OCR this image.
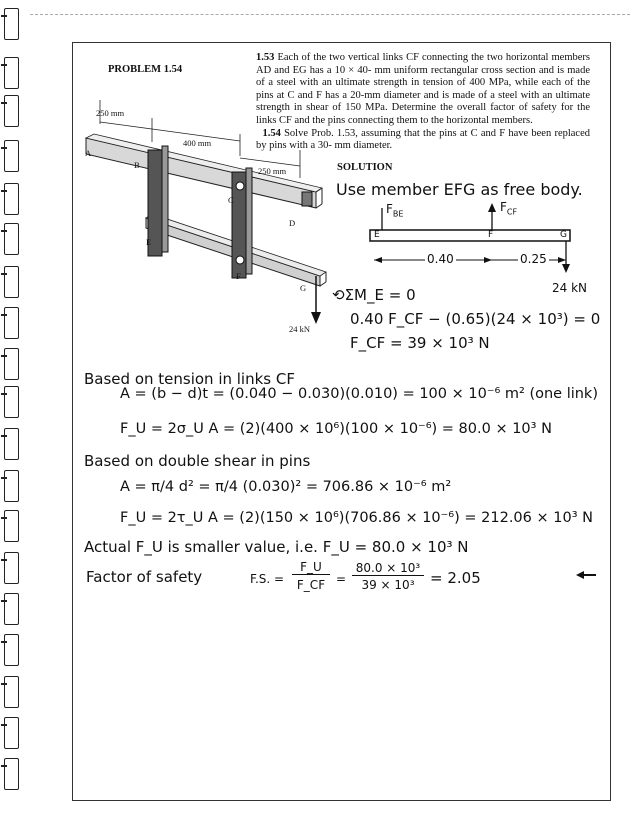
PROBLEM 1.54
1.53 Each of the two vertical links CF connecting the two horizontal members AD and EG has a 10 × 40- mm uniform rectangular cross section and is made of a steel with an ultimate strength in tension of 400 MPa, while each of the pins at C and F has a 20-mm diameter and is made of a steel with an ultimate strength in shear of 150 MPa. Determine the overall factor of safety for the links CF and the pins connecting them to the horizontal members.
1.54 Solve Prob. 1.53, assuming that the pins at C and F have been replaced by pins with a 30- mm diameter.
250 mm
400 mm
250 mm
24 kN
A
B
C
D
E
F
G
SOLUTION
Use member EFG as free body.
$F_{BE}$	$F_{CF}$
E	F	G
0.40	0.25
24 kN
⟲ΣM_E = 0
0.40 F_CF − (0.65)(24 × 10³) = 0
F_CF = 39 × 10³ N
Based on tension in links CF
A = (b − d)t = (0.040 − 0.030)(0.010) = 100 × 10⁻⁶ m² (one link)
F_U = 2σ_U A = (2)(400 × 10⁶)(100 × 10⁻⁶) = 80.0 × 10³ N
Based on double shear in pins
A = π/4 d² = π/4 (0.030)² = 706.86 × 10⁻⁶ m²
F_U = 2τ_U A = (2)(150 × 10⁶)(706.86 × 10⁻⁶) = 212.06 × 10³ N
Actual F_U is smaller value, i.e. F_U = 80.0 × 10³ N
Factor of safety	F.S. =
F_U
F_CF =
80.0 × 10³
39 × 10³	= 2.05
